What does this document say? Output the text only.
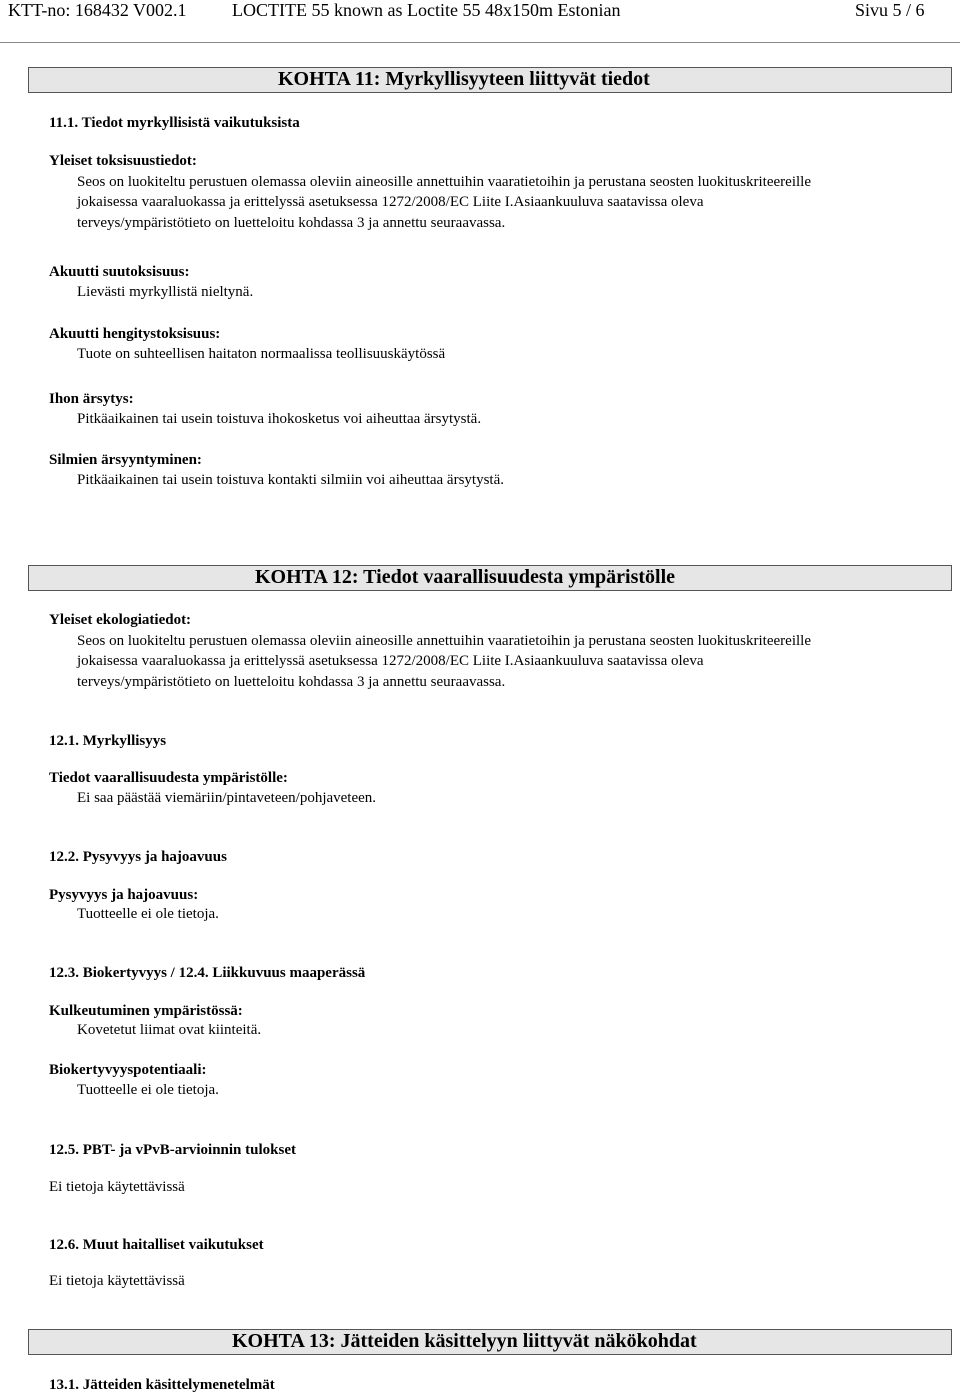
KTT-no: 168432 V002.1	LOCTITE 55 known as Loctite 55 48x150m Estonian	Sivu 5 / 6
KOHTA 11: Myrkyllisyyteen liittyvät tiedot
11.1. Tiedot myrkyllisistä vaikutuksista
Yleiset toksisuustiedot:
Seos on luokiteltu perustuen olemassa oleviin aineosille annettuihin vaaratietoihin ja perustana seosten luokituskriteereille
jokaisessa vaaraluokassa ja erittelyssä asetuksessa 1272/2008/EC Liite I.Asiaankuuluva saatavissa oleva
terveys/ympäristötieto on luetteloitu kohdassa 3 ja annettu seuraavassa.
Akuutti suutoksisuus:
Lievästi myrkyllistä nieltynä.
Akuutti hengitystoksisuus:
Tuote on suhteellisen haitaton normaalissa teollisuuskäytössä
Ihon ärsytys:
Pitkäaikainen tai usein toistuva ihokosketus voi aiheuttaa ärsytystä.
Silmien ärsyyntyminen:
Pitkäaikainen tai usein toistuva kontakti silmiin voi aiheuttaa ärsytystä.
KOHTA 12: Tiedot vaarallisuudesta ympäristölle
Yleiset ekologiatiedot:
Seos on luokiteltu perustuen olemassa oleviin aineosille annettuihin vaaratietoihin ja perustana seosten luokituskriteereille
jokaisessa vaaraluokassa ja erittelyssä asetuksessa 1272/2008/EC Liite I.Asiaankuuluva saatavissa oleva
terveys/ympäristötieto on luetteloitu kohdassa 3 ja annettu seuraavassa.
12.1. Myrkyllisyys
Tiedot vaarallisuudesta ympäristölle:
Ei saa päästää viemäriin/pintaveteen/pohjaveteen.
12.2. Pysyvyys ja hajoavuus
Pysyvyys ja hajoavuus:
Tuotteelle ei ole tietoja.
12.3. Biokertyvyys / 12.4. Liikkuvuus maaperässä
Kulkeutuminen ympäristössä:
Kovetetut liimat ovat kiinteitä.
Biokertyvyyspotentiaali:
Tuotteelle ei ole tietoja.
12.5. PBT- ja vPvB-arvioinnin tulokset
Ei tietoja käytettävissä
12.6. Muut haitalliset vaikutukset
Ei tietoja käytettävissä
KOHTA 13: Jätteiden käsittelyyn liittyvät näkökohdat
13.1. Jätteiden käsittelymenetelmät
